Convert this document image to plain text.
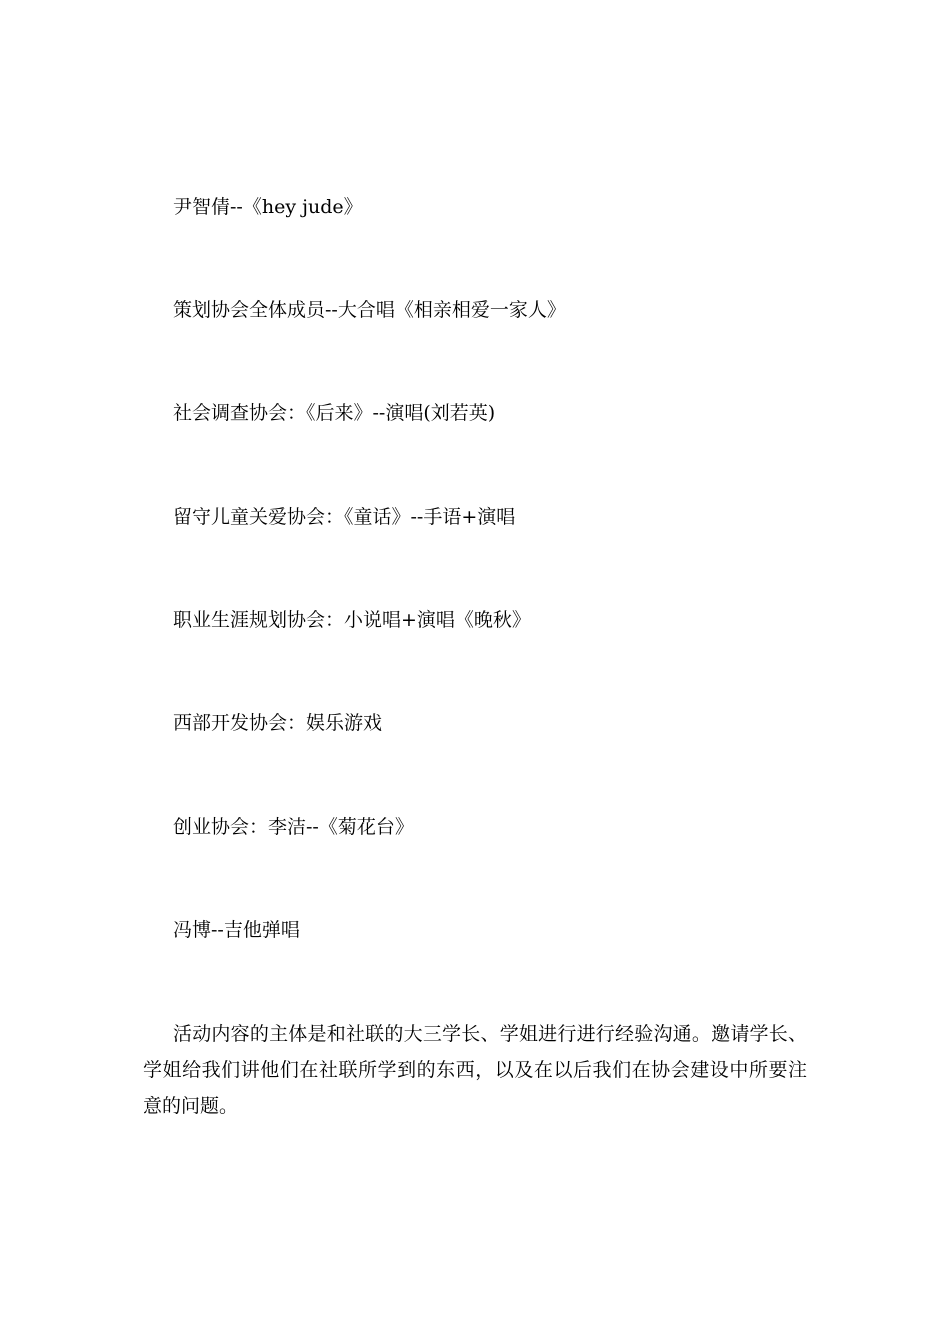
尹智倩--《hey jude》
策划协会全体成员--大合唱《相亲相爱一家人》
社会调查协会：《后来》--演唱(刘若英)
留守儿童关爱协会：《童话》--手语+演唱
职业生涯规划协会：小说唱+演唱《晚秋》
西部开发协会：娱乐游戏
创业协会：李洁--《菊花台》
冯博--吉他弹唱
活动内容的主体是和社联的大三学长、学姐进行进行经验沟通。邀请学长、学姐给我们讲他们在社联所学到的东西，以及在以后我们在协会建设中所要注意的问题。
